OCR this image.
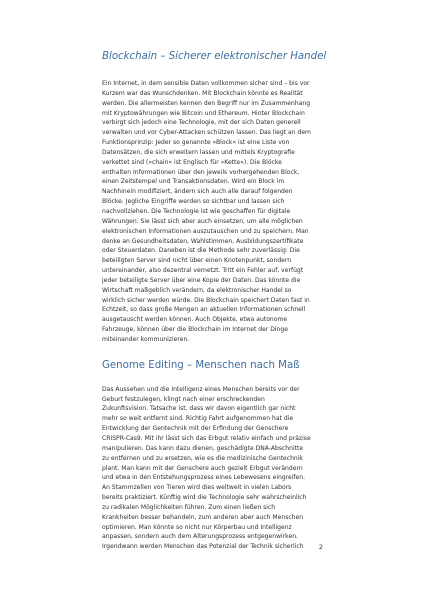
Blockchain – Sicherer elektronischer Handel
Ein Internet, in dem sensible Daten vollkommen sicher sind – bis vor
Kurzem war das Wunschdenken. Mit Blockchain könnte es Realität
werden. Die allermeisten kennen den Begriff nur im Zusammenhang
mit Kryptowährungen wie Bitcoin und Ethereum. Hinter Blockchain
verbirgt sich jedoch eine Technologie, mit der sich Daten generell
verwalten und vor Cyber-Attacken schützen lassen. Das liegt an dem
Funktionsprinzip: Jeder so genannte »Block« ist eine Liste von
Datensätzen, die sich erweitern lassen und mittels Kryptografie
verkettet sind (»chain« ist Englisch für »Kette«). Die Blöcke
enthalten Informationen über den jeweils vorhergehenden Block,
einen Zeitstempel und Transaktionsdaten. Wird ein Block im
Nachhinein modifiziert, ändern sich auch alle darauf folgenden
Blöcke. Jegliche Eingriffe werden so sichtbar und lassen sich
nachvollziehen. Die Technologie ist wie geschaffen für digitale
Währungen. Sie lässt sich aber auch einsetzen, um alle möglichen
elektronischen Informationen auszutauschen und zu speichern. Man
denke an Gesundheitsdaten, Wahlstimmen, Ausbildungszertifikate
oder Steuerdaten. Daneben ist die Methode sehr zuverlässig: Die
beteiligten Server sind nicht über einen Knotenpunkt, sondern
untereinander, also dezentral vernetzt. Tritt ein Fehler auf, verfügt
jeder beteiligte Server über eine Kopie der Daten. Das könnte die
Wirtschaft maßgeblich verändern, da elektronischer Handel so
wirklich sicher werden würde. Die Blockchain speichert Daten fast in
Echtzeit, so dass große Mengen an aktuellen Informationen schnell
ausgetauscht werden können. Auch Objekte, etwa autonome
Fahrzeuge, können über die Blockchain im Internet der Dinge
miteinander kommunizieren.
Genome Editing – Menschen nach Maß
Das Aussehen und die Intelligenz eines Menschen bereits vor der
Geburt festzulegen, klingt nach einer erschreckenden
Zukunftsvision. Tatsache ist, dass wir davon eigentlich gar nicht
mehr so weit entfernt sind. Richtig Fahrt aufgenommen hat die
Entwicklung der Gentechnik mit der Erfindung der Genschere
CRISPR-Cas9. Mit ihr lässt sich das Erbgut relativ einfach und präzise
manipulieren. Das kann dazu dienen, geschädigte DNA-Abschnitte
zu entfernen und zu ersetzen, wie es die medizinische Gentechnik
plant. Man kann mit der Genschere auch gezielt Erbgut verändern
und etwa in den Entstehungsprozess eines Lebewesens eingreifen.
An Stammzellen von Tieren wird dies weltweit in vielen Labors
bereits praktiziert. Künftig wird die Technologie sehr wahrscheinlich
zu radikalen Möglichkeiten führen. Zum einen ließen sich
Krankheiten besser behandeln, zum anderen aber auch Menschen
optimieren. Man könnte so nicht nur Körperbau und Intelligenz
anpassen, sondern auch dem Alterungsprozess entgegenwirken.
Irgendwann werden Menschen das Potenzial der Technik sicherlich	2
